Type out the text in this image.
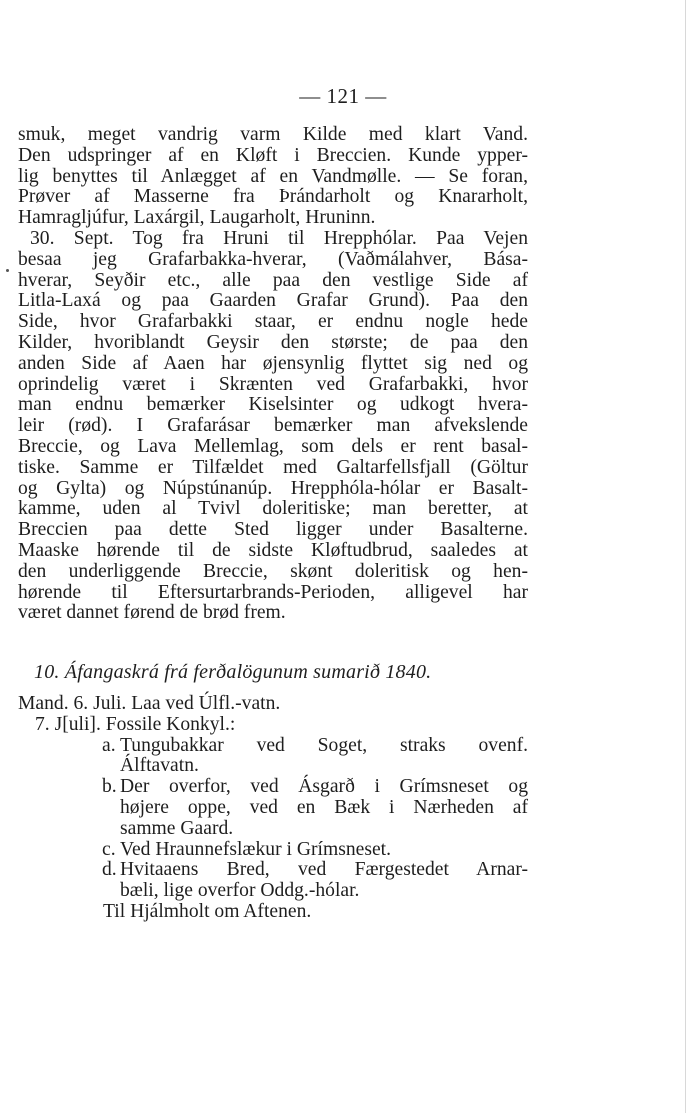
— 121 —
smuk, meget vandrig varm Kilde med klart Vand.
Den udspringer af en Kløft i Breccien. Kunde ypper-
lig benyttes til Anlægget af en Vandmølle. — Se foran,
Prøver af Masserne fra Þrándarholt og Knararholt,
Hamragljúfur, Laxárgil, Laugarholt, Hruninn.
30. Sept. Tog fra Hruni til Hrepphólar. Paa Vejen
besaa jeg Grafarbakka-hverar, (Vaðmálahver, Bása-
hverar, Seyðir etc., alle paa den vestlige Side af
Litla-Laxá og paa Gaarden Grafar Grund). Paa den
Side, hvor Grafarbakki staar, er endnu nogle hede
Kilder, hvoriblandt Geysir den største; de paa den
anden Side af Aaen har øjensynlig flyttet sig ned og
oprindelig været i Skrænten ved Grafarbakki, hvor
man endnu bemærker Kiselsinter og udkogt hvera-
leir (rød). I Grafarásar bemærker man afvekslende
Breccie, og Lava Mellemlag, som dels er rent basal-
tiske. Samme er Tilfældet med Galtarfellsfjall (Göltur
og Gylta) og Núpstúnanúp. Hrepphóla-hólar er Basalt-
kamme, uden al Tvivl doleritiske; man beretter, at
Breccien paa dette Sted ligger under Basalterne.
Maaske hørende til de sidste Kløftudbrud, saaledes at
den underliggende Breccie, skønt doleritisk og hen-
hørende til Eftersurtarbrands-Perioden, alligevel har
været dannet førend de brød frem.
10. Áfangaskrá frá ferðalögunum sumarið 1840.
Mand. 6. Juli. Laa ved Úlfl.-vatn.
7. J[uli]. Fossile Konkyl.:
a. Tungubakkar ved Soget, straks ovenf.
Álftavatn.
b. Der overfor, ved Ásgarð i Grímsneset og
højere oppe, ved en Bæk i Nærheden af
samme Gaard.
c. Ved Hraunnefslækur i Grímsneset.
d. Hvitaaens Bred, ved Færgestedet Arnar-
bæli, lige overfor Oddg.-hólar.
Til Hjálmholt om Aftenen.
